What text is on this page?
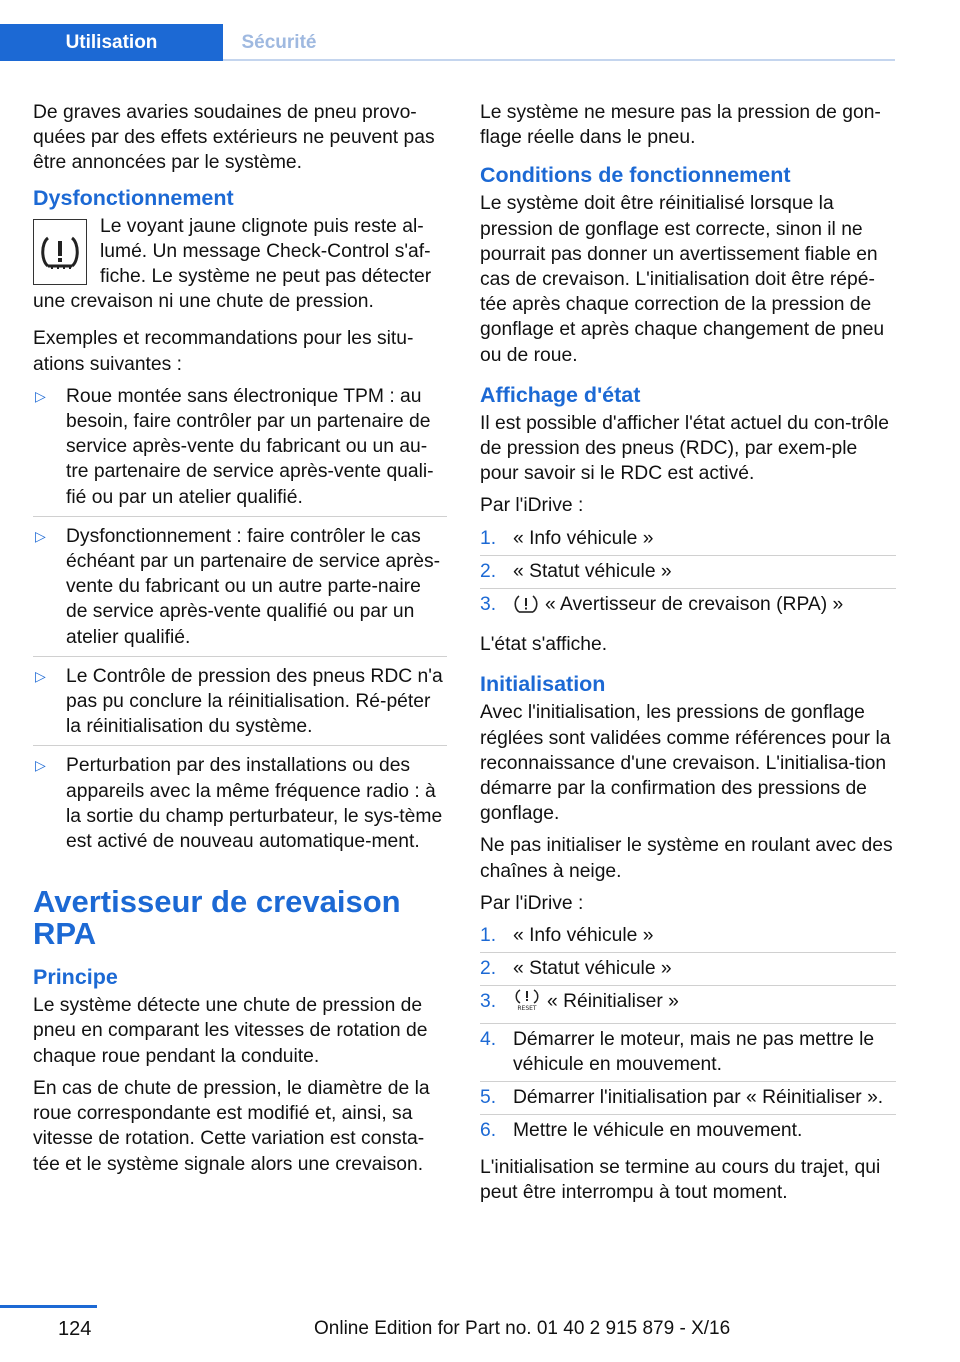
Utilisation	Sécurité

De graves avaries soudaines de pneu provo-quées par des effets extérieurs ne peuvent pas être annoncées par le système.

Dysfonctionnement

Le voyant jaune clignote puis reste al-lumé. Un message Check-Control s'af-fiche. Le système ne peut pas détecter une crevaison ni une chute de pression.

Exemples et recommandations pour les situ-ations suivantes :

▷ Roue montée sans électronique TPM : au besoin, faire contrôler par un partenaire de service après-vente du fabricant ou un au-tre partenaire de service après-vente quali-fié ou par un atelier qualifié.
▷ Dysfonctionnement : faire contrôler le cas échéant par un partenaire de service après-vente du fabricant ou un autre parte-naire de service après-vente qualifié ou par un atelier qualifié.
▷ Le Contrôle de pression des pneus RDC n'a pas pu conclure la réinitialisation. Ré-péter la réinitialisation du système.
▷ Perturbation par des installations ou des appareils avec la même fréquence radio : à la sortie du champ perturbateur, le sys-tème est activé de nouveau automatique-ment.
Avertisseur de crevaison RPA
Principe

Le système détecte une chute de pression de pneu en comparant les vitesses de rotation de chaque roue pendant la conduite.

En cas de chute de pression, le diamètre de la roue correspondante est modifié et, ainsi, sa vitesse de rotation. Cette variation est consta-tée et le système signale alors une crevaison.

Le système ne mesure pas la pression de gon-flage réelle dans le pneu.

Conditions de fonctionnement

Le système doit être réinitialisé lorsque la pression de gonflage est correcte, sinon il ne pourrait pas donner un avertissement fiable en cas de crevaison. L'initialisation doit être répé-tée après chaque correction de la pression de gonflage et après chaque changement de pneu ou de roue.

Affichage d'état

Il est possible d'afficher l'état actuel du con-trôle de pression des pneus (RDC), par exem-ple pour savoir si le RDC est activé.

Par l'iDrive :

1. « Info véhicule »
2. « Statut véhicule »
3.	« Avertisseur de crevaison (RPA) »

L'état s'affiche.

Initialisation

Avec l'initialisation, les pressions de gonflage réglées sont validées comme références pour la reconnaissance d'une crevaison. L'initialisa-tion démarre par la confirmation des pressions de gonflage.

Ne pas initialiser le système en roulant avec des chaînes à neige.

Par l'iDrive :

1. « Info véhicule »
2. « Statut véhicule »
3.	RESET « Réinitialiser »
4. Démarrer le moteur, mais ne pas mettre le véhicule en mouvement.
5. Démarrer l'initialisation par « Réinitialiser ».
6. Mettre le véhicule en mouvement.

L'initialisation se termine au cours du trajet, qui peut être interrompu à tout moment.

124	Online Edition for Part no. 01 40 2 915 879 - X/16
